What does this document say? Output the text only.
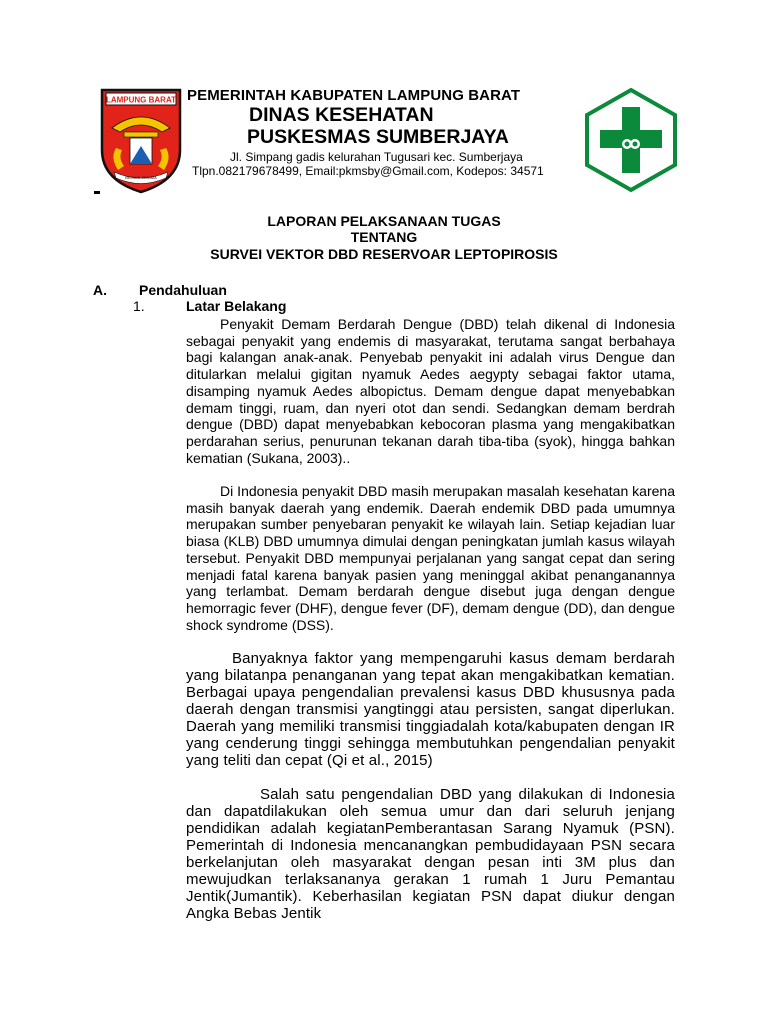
LAMPUNG BARAT
BEGUAI JEJAMA
PEMERINTAH KABUPATEN LAMPUNG BARAT
DINAS KESEHATAN
PUSKESMAS SUMBERJAYA
Jl. Simpang gadis kelurahan Tugusari kec. Sumberjaya
Tlpn.082179678499, Email:pkmsby@Gmail.com, Kodepos: 34571
LAPORAN PELAKSANAAN TUGAS
TENTANG
SURVEI VEKTOR DBD RESERVOAR LEPTOPIROSIS
A. Pendahuluan
1.	Latar Belakang

Penyakit Demam Berdarah Dengue (DBD) telah dikenal di Indonesia sebagai penyakit yang endemis di masyarakat, terutama sangat berbahaya bagi kalangan anak-anak. Penyebab penyakit ini adalah virus Dengue dan ditularkan melalui gigitan nyamuk Aedes aegypty sebagai faktor utama, disamping nyamuk Aedes albopictus. Demam dengue dapat menyebabkan demam tinggi, ruam, dan nyeri otot dan sendi. Sedangkan demam berdrah dengue (DBD) dapat menyebabkan kebocoran plasma yang mengakibatkan perdarahan serius, penurunan tekanan darah tiba-tiba (syok), hingga bahkan kematian (Sukana, 2003)..

Di Indonesia penyakit DBD masih merupakan masalah kesehatan karena masih banyak daerah yang endemik. Daerah endemik DBD pada umumnya merupakan sumber penyebaran penyakit ke wilayah lain. Setiap kejadian luar biasa (KLB) DBD umumnya dimulai dengan peningkatan jumlah kasus wilayah tersebut. Penyakit DBD mempunyai perjalanan yang sangat cepat dan sering menjadi fatal karena banyak pasien yang meninggal akibat penanganannya yang terlambat. Demam berdarah dengue disebut juga dengan dengue hemorragic fever (DHF), dengue fever (DF), demam dengue (DD), dan dengue shock syndrome (DSS).

Banyaknya faktor yang mempengaruhi kasus demam berdarah yang bilatanpa penanganan yang tepat akan mengakibatkan kematian. Berbagai upaya pengendalian prevalensi kasus DBD khususnya pada daerah dengan transmisi yangtinggi atau persisten, sangat diperlukan. Daerah yang memiliki transmisi tinggiadalah kota/kabupaten dengan IR yang cenderung tinggi sehingga membutuhkan pengendalian penyakit yang teliti dan cepat (Qi et al., 2015)

Salah satu pengendalian DBD yang dilakukan di Indonesia dan dapatdilakukan oleh semua umur dan dari seluruh jenjang pendidikan adalah kegiatanPemberantasan Sarang Nyamuk (PSN). Pemerintah di Indonesia mencanangkan pembudidayaan PSN secara berkelanjutan oleh masyarakat dengan pesan inti 3M plus dan mewujudkan terlaksananya gerakan 1 rumah 1 Juru Pemantau Jentik(Jumantik). Keberhasilan kegiatan PSN dapat diukur dengan Angka Bebas Jentik
